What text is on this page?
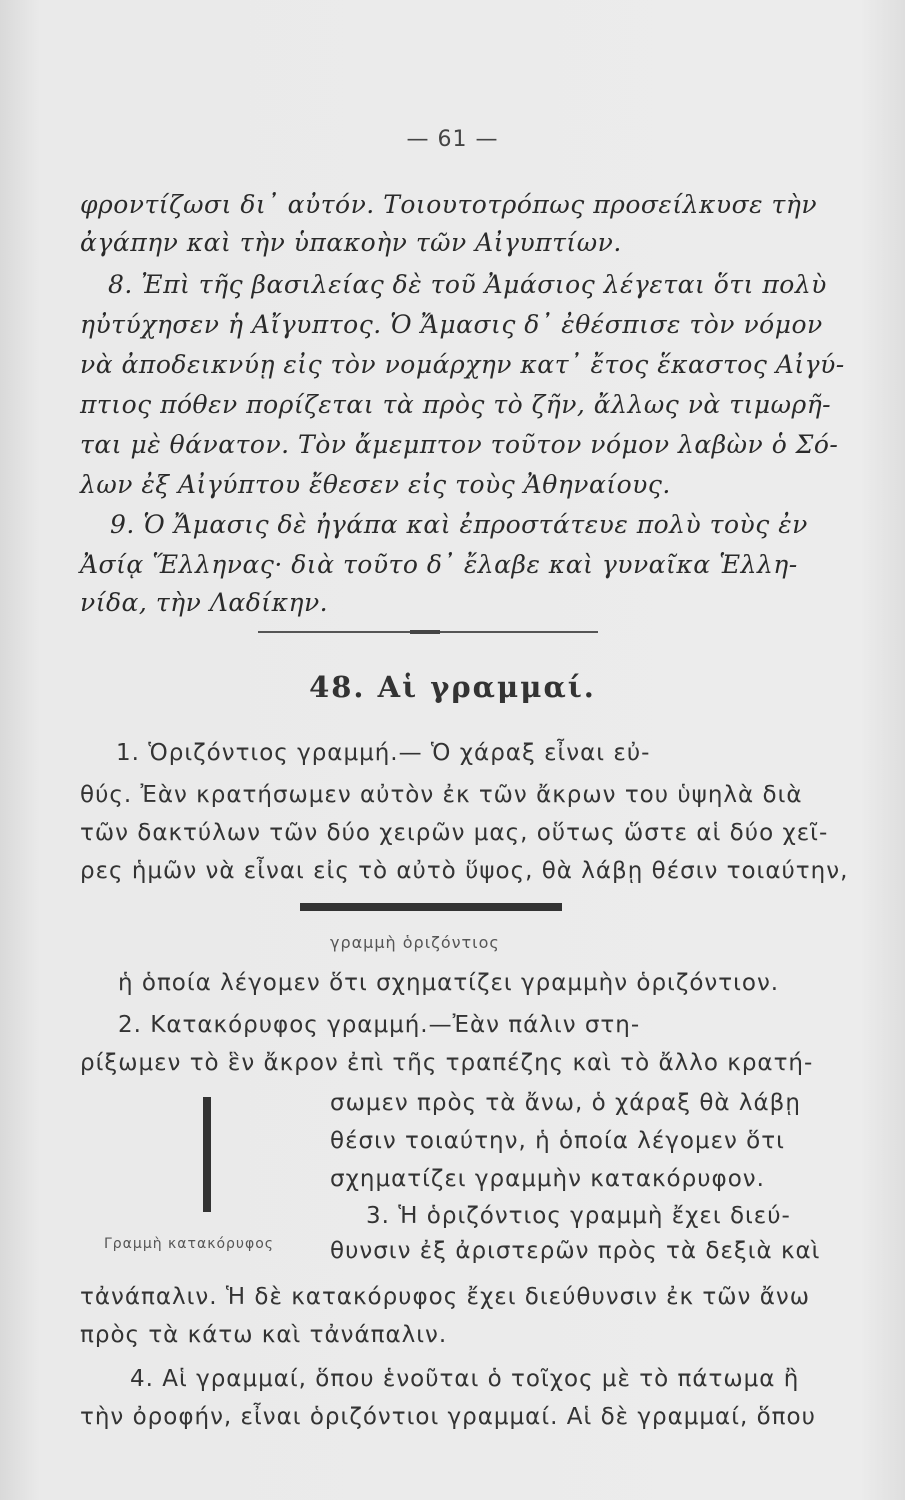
— 61 —
φροντίζωσι δι᾿ αὐτόν. Τοιουτοτρόπως προσείλκυσε τὴν
ἀγάπην καὶ τὴν ὑπακοὴν τῶν Αἰγυπτίων.
8. Ἐπὶ τῆς βασιλείας δὲ τοῦ Ἀμάσιος λέγεται ὅτι πολὺ
ηὐτύχησεν ἡ Αἴγυπτος. Ὁ Ἄμασις δ᾿ ἐθέσπισε τὸν νόμον
νὰ ἀποδεικνύῃ εἰς τὸν νομάρχην κατ᾿ ἔτος ἕκαστος Αἰγύ-
πτιος πόθεν πορίζεται τὰ πρὸς τὸ ζῆν, ἄλλως νὰ τιμωρῆ-
ται μὲ θάνατον. Τὸν ἄμεμπτον τοῦτον νόμον λαβὼν ὁ Σό-
λων ἐξ Αἰγύπτου ἔθεσεν εἰς τοὺς Ἀθηναίους.
9. Ὁ Ἄμασις δὲ ἠγάπα καὶ ἐπροστάτευε πολὺ τοὺς ἐν
Ἀσίᾳ Ἕλληνας· διὰ τοῦτο δ᾿ ἔλαβε καὶ γυναῖκα Ἑλλη-
νίδα, τὴν Λαδίκην.
48. Αἱ γραμμαί.
1. Ὁριζόντιος γραμμή.— Ὁ χάραξ εἶναι εὐ-
θύς. Ἐὰν κρατήσωμεν αὐτὸν ἐκ τῶν ἄκρων του ὑψηλὰ διὰ
τῶν δακτύλων τῶν δύο χειρῶν μας, οὕτως ὥστε αἱ δύο χεῖ-
ρες ἡμῶν νὰ εἶναι εἰς τὸ αὐτὸ ὕψος, θὰ λάβῃ θέσιν τοιαύτην,
γραμμὴ ὁριζόντιος
ἡ ὁποία λέγομεν ὅτι σχηματίζει γραμμὴν ὁριζόντιον.
2. Κατακόρυφος γραμμή.—Ἐὰν πάλιν στη-
ρίξωμεν τὸ ἓν ἄκρον ἐπὶ τῆς τραπέζης καὶ τὸ ἄλλο κρατή-
σωμεν πρὸς τὰ ἄνω, ὁ χάραξ θὰ λάβῃ
θέσιν τοιαύτην, ἡ ὁποία λέγομεν ὅτι
σχηματίζει γραμμὴν κατακόρυφον.
3. Ἡ ὁριζόντιος γραμμὴ ἔχει διεύ-
θυνσιν ἐξ ἀριστερῶν πρὸς τὰ δεξιὰ καὶ
τἀνάπαλιν. Ἡ δὲ κατακόρυφος ἔχει διεύθυνσιν ἐκ τῶν ἄνω
πρὸς τὰ κάτω καὶ τἀνάπαλιν.
4. Αἱ γραμμαί, ὅπου ἑνοῦται ὁ τοῖχος μὲ τὸ πάτωμα ἢ
τὴν ὀροφήν, εἶναι ὁριζόντιοι γραμμαί. Αἱ δὲ γραμμαί, ὅπου
Γραμμὴ κατακόρυφος
